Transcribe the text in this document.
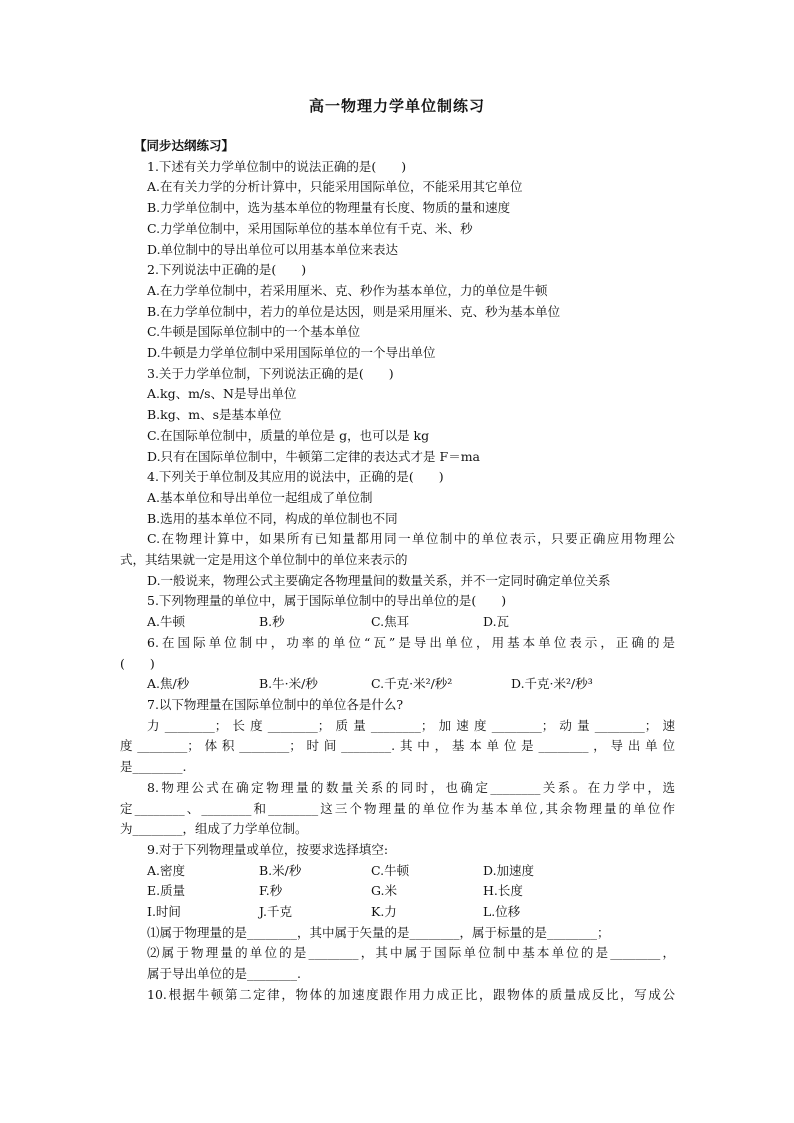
高一物理力学单位制练习
【同步达纲练习】
1.下述有关力学单位制中的说法正确的是(　　)
A.在有关力学的分析计算中，只能采用国际单位，不能采用其它单位
B.力学单位制中，选为基本单位的物理量有长度、物质的量和速度
C.力学单位制中，采用国际单位的基本单位有千克、米、秒
D.单位制中的导出单位可以用基本单位来表达
2.下列说法中正确的是(　　)
A.在力学单位制中，若采用厘米、克、秒作为基本单位，力的单位是牛顿
B.在力学单位制中，若力的单位是达因，则是采用厘米、克、秒为基本单位
C.牛顿是国际单位制中的一个基本单位
D.牛顿是力学单位制中采用国际单位的一个导出单位
3.关于力学单位制，下列说法正确的是(　　)
A.kg、m/s、N是导出单位
B.kg、m、s是基本单位
C.在国际单位制中，质量的单位是 g，也可以是 kg
D.只有在国际单位制中，牛顿第二定律的表达式才是 F＝ma
4.下列关于单位制及其应用的说法中，正确的是(　　)
A.基本单位和导出单位一起组成了单位制
B.选用的基本单位不同，构成的单位制也不同
C.在物理计算中，如果所有已知量都用同一单位制中的单位表示，只要正确应用物理公
式，其结果就一定是用这个单位制中的单位来表示的
D.一般说来，物理公式主要确定各物理量间的数量关系，并不一定同时确定单位关系
5.下列物理量的单位中，属于国际单位制中的导出单位的是(　　)
A.牛顿	B.秒	C.焦耳	D.瓦
6.在国际单位制中，功率的单位“瓦”是导出单位，用基本单位表示，正确的是
(　　)
A.焦/秒	B.牛·米/秒	C.千克·米²/秒²	D.千克·米²/秒³
7.以下物理量在国际单位制中的单位各是什么?
力________；长度________；质量________；加速度________；动量________；速
度________；体积________；时间________.其中，基本单位是________，导出单位
是________.
8.物理公式在确定物理量的数量关系的同时，也确定________关系。在力学中，选
定________、________和________这三个物理量的单位作为基本单位,其余物理量的单位作
为________，组成了力学单位制。
9.对于下列物理量或单位，按要求选择填空:
A.密度	B.米/秒	C.牛顿	D.加速度
E.质量	F.秒	G.米	H.长度
I.时间	J.千克	K.力	L.位移
⑴属于物理量的是________，其中属于矢量的是________，属于标量的是________；
⑵属于物理量的单位的是________，其中属于国际单位制中基本单位的是________，
属于导出单位的是________.
10.根据牛顿第二定律，物体的加速度跟作用力成正比，跟物体的质量成反比，写成公
